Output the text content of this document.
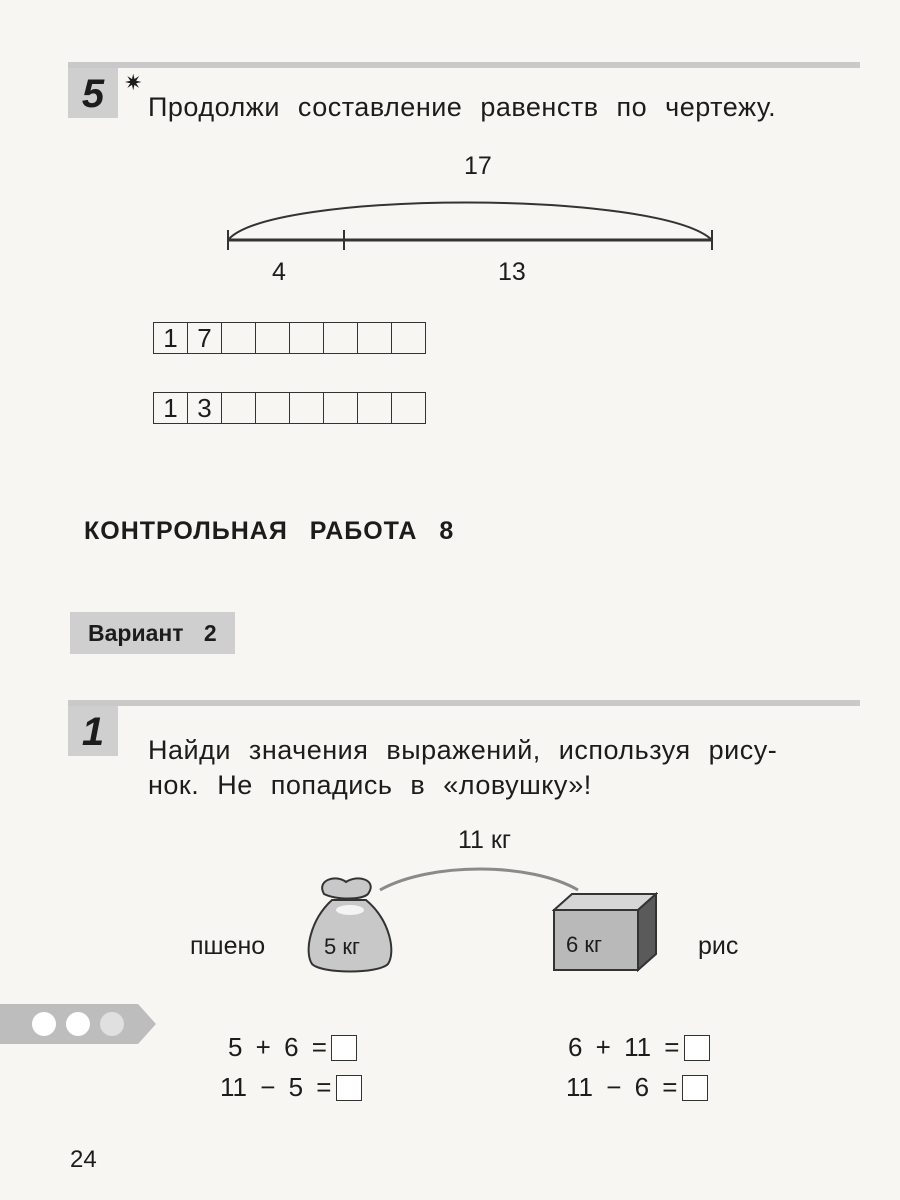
5 ✷
Продолжи составление равенств по чертежу.
17
4	13
1 7
1 3
КОНТРОЛЬНАЯ РАБОТА 8
Вариант 2
1	Найди значения выражений, используя рису-
нок. Не попадись в «ловушку»!
11 кг
5 кг
пшено	6 кг	рис
5 + 6 =	6 + 11 =
11 − 5 =	11 − 6 =
24
